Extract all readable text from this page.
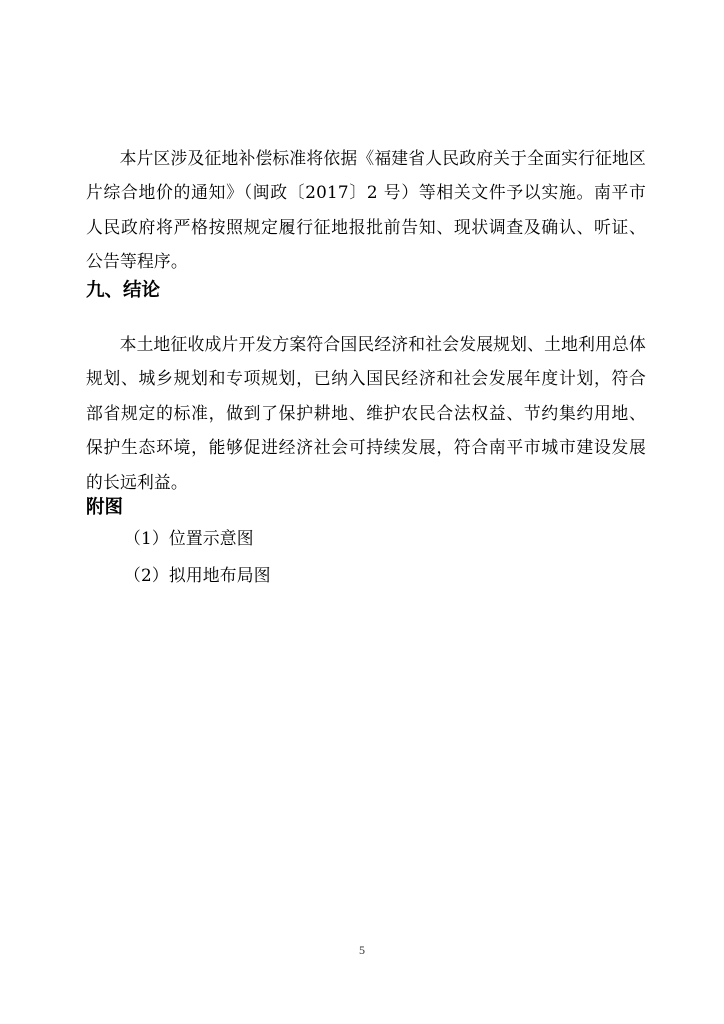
本片区涉及征地补偿标准将依据《福建省人民政府关于全面实行征地区片综合地价的通知》（闽政〔2017〕2 号）等相关文件予以实施。南平市人民政府将严格按照规定履行征地报批前告知、现状调查及确认、听证、公告等程序。

九、结论

本土地征收成片开发方案符合国民经济和社会发展规划、土地利用总体规划、城乡规划和专项规划，已纳入国民经济和社会发展年度计划，符合部省规定的标准，做到了保护耕地、维护农民合法权益、节约集约用地、保护生态环境，能够促进经济社会可持续发展，符合南平市城市建设发展的长远利益。

附图
（1）位置示意图
（2）拟用地布局图
5
